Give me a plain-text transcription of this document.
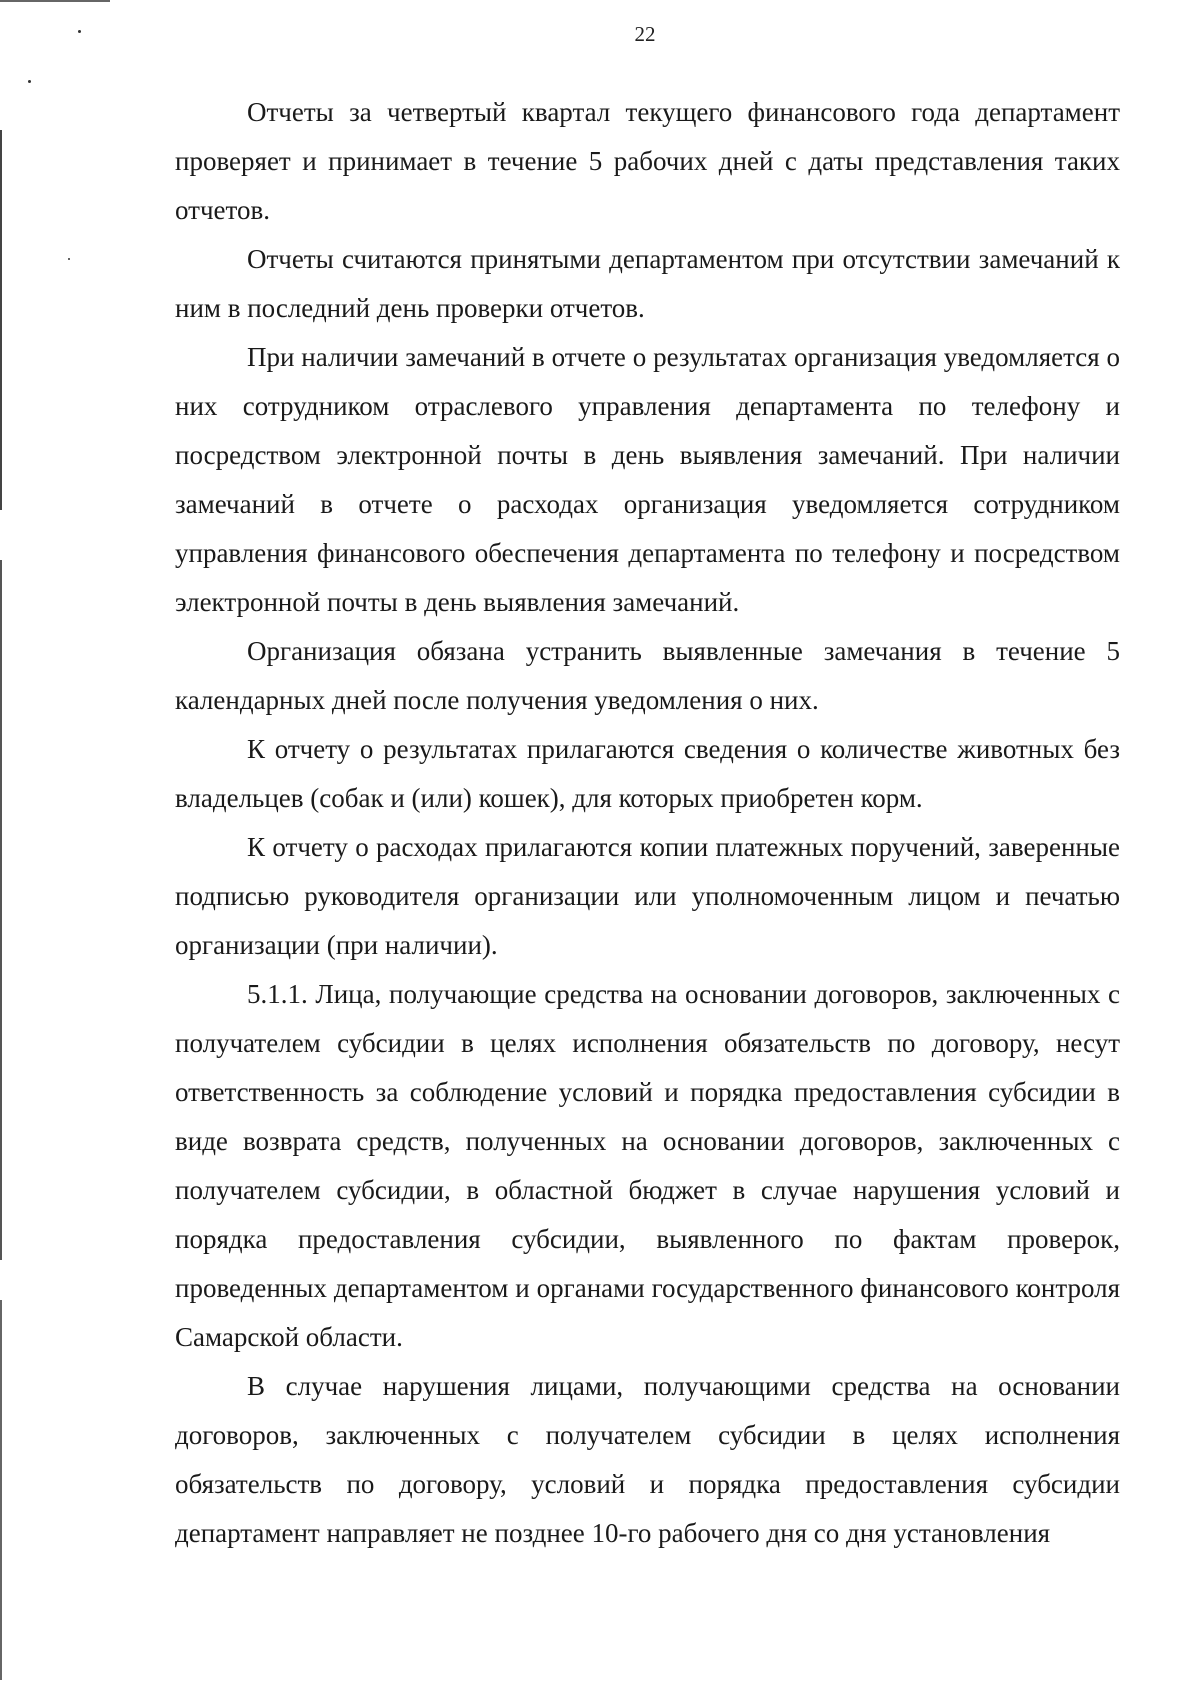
22

Отчеты за четвертый квартал текущего финансового года департамент проверяет и принимает в течение 5 рабочих дней с даты представления таких отчетов.

Отчеты считаются принятыми департаментом при отсутствии замечаний к ним в последний день проверки отчетов.

При наличии замечаний в отчете о результатах организация уведомляется о них сотрудником отраслевого управления департамента по телефону и посредством электронной почты в день выявления замечаний. При наличии замечаний в отчете о расходах организация уведомляется сотрудником управления финансового обеспечения департамента по телефону и посредством электронной почты в день выявления замечаний.

Организация обязана устранить выявленные замечания в течение 5 календарных дней после получения уведомления о них.

К отчету о результатах прилагаются сведения о количестве животных без владельцев (собак и (или) кошек), для которых приобретен корм.

К отчету о расходах прилагаются копии платежных поручений, заверенные подписью руководителя организации или уполномоченным лицом и печатью организации (при наличии).

5.1.1. Лица, получающие средства на основании договоров, заключенных с получателем субсидии в целях исполнения обязательств по договору, несут ответственность за соблюдение условий и порядка предоставления субсидии в виде возврата средств, полученных на основании договоров, заключенных с получателем субсидии, в областной бюджет в случае нарушения условий и порядка предоставления субсидии, выявленного по фактам проверок, проведенных департаментом и органами государственного финансового контроля Самарской области.

В случае нарушения лицами, получающими средства на основании договоров, заключенных с получателем субсидии в целях исполнения обязательств по договору, условий и порядка предоставления субсидии департамент направляет не позднее 10-го рабочего дня со дня установления
